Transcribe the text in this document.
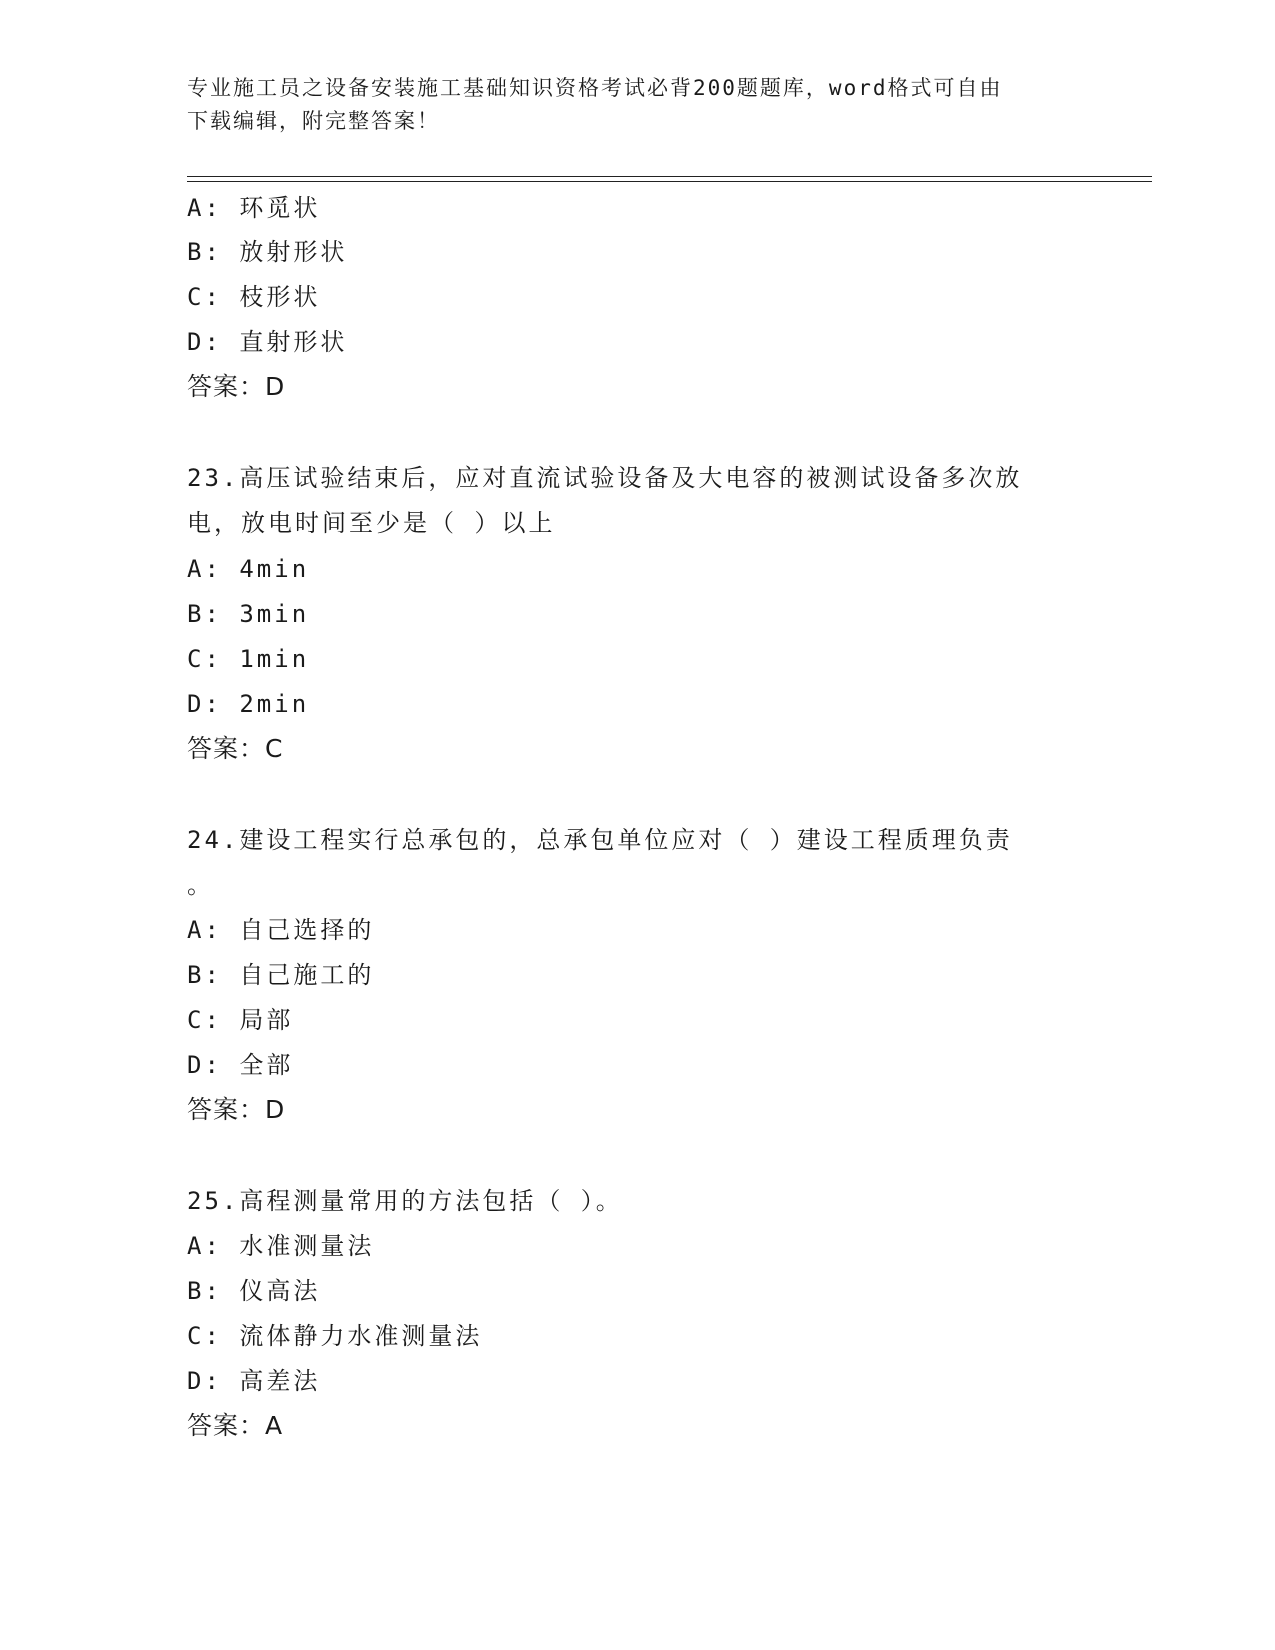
专业施工员之设备安装施工基础知识资格考试必背200题题库，word格式可自由
下载编辑，附完整答案！
A: 环觅状
B: 放射形状
C: 枝形状
D: 直射形状
答案：D
23.高压试验结束后，应对直流试验设备及大电容的被测试设备多次放
电，放电时间至少是（ ）以上
A: 4min
B: 3min
C: 1min
D: 2min
答案：C
24.建设工程实行总承包的，总承包单位应对（ ）建设工程质理负责
。
A: 自己选择的
B: 自己施工的
C: 局部
D: 全部
答案：D
25.高程测量常用的方法包括（ ）。
A: 水准测量法
B: 仪高法
C: 流体静力水准测量法
D: 高差法
答案：A
